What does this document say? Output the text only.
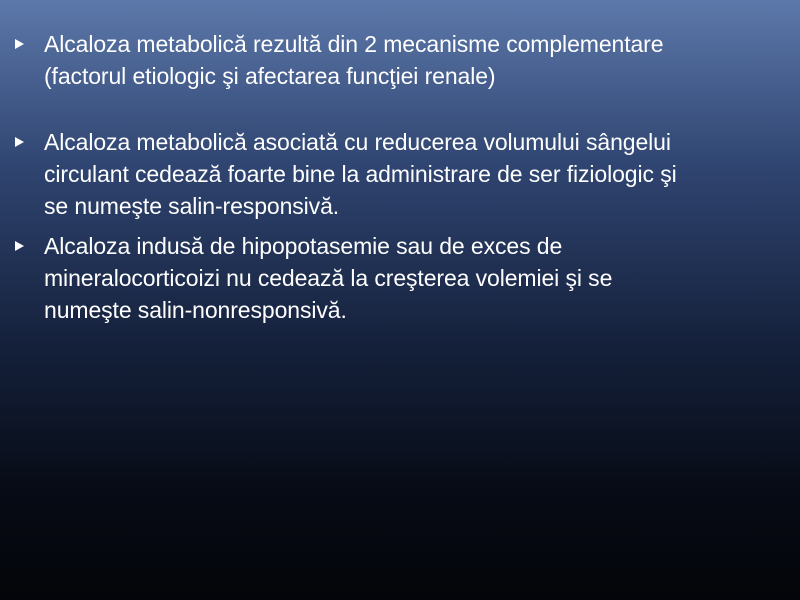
Alcaloza metabolică rezultă din 2 mecanisme complementare (factorul etiologic şi afectarea funcţiei renale)
Alcaloza metabolică asociată cu reducerea volumului sângelui circulant cedează foarte bine la administrare de ser fiziologic şi se numeşte salin-responsivă.
Alcaloza indusă de hipopotasemie sau de exces de mineralocorticoizi nu cedează la creşterea volemiei şi se numeşte salin-nonresponsivă.
